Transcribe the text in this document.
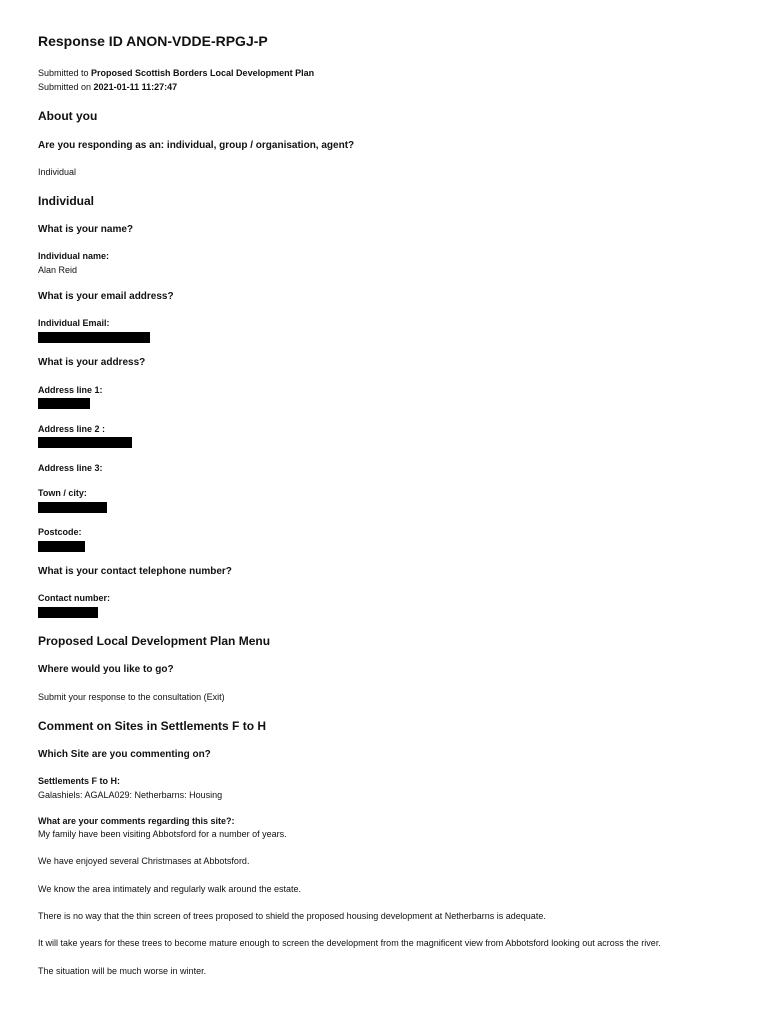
Response ID ANON-VDDE-RPGJ-P
Submitted to Proposed Scottish Borders Local Development Plan
Submitted on 2021-01-11 11:27:47
About you
Are you responding as an: individual, group / organisation, agent?
Individual
Individual
What is your name?
Individual name:
Alan Reid
What is your email address?
Individual Email:
What is your address?
Address line 1:
Address line 2 :
Address line 3:
Town / city:
Postcode:
What is your contact telephone number?
Contact number:
Proposed Local Development Plan Menu
Where would you like to go?
Submit your response to the consultation (Exit)
Comment on Sites in Settlements F to H
Which Site are you commenting on?
Settlements F to H:
Galashiels: AGALA029: Netherbarns: Housing
What are your comments regarding this site?:
My family have been visiting Abbotsford for a number of years.
We have enjoyed several Christmases at Abbotsford.
We know the area intimately and regularly walk around the estate.
There is no way that the thin screen of trees proposed to shield the proposed housing development at Netherbarns is adequate.
It will take years for these trees to become mature enough to screen the development from the magnificent view from Abbotsford looking out across the river.
The situation will be much worse in winter.
